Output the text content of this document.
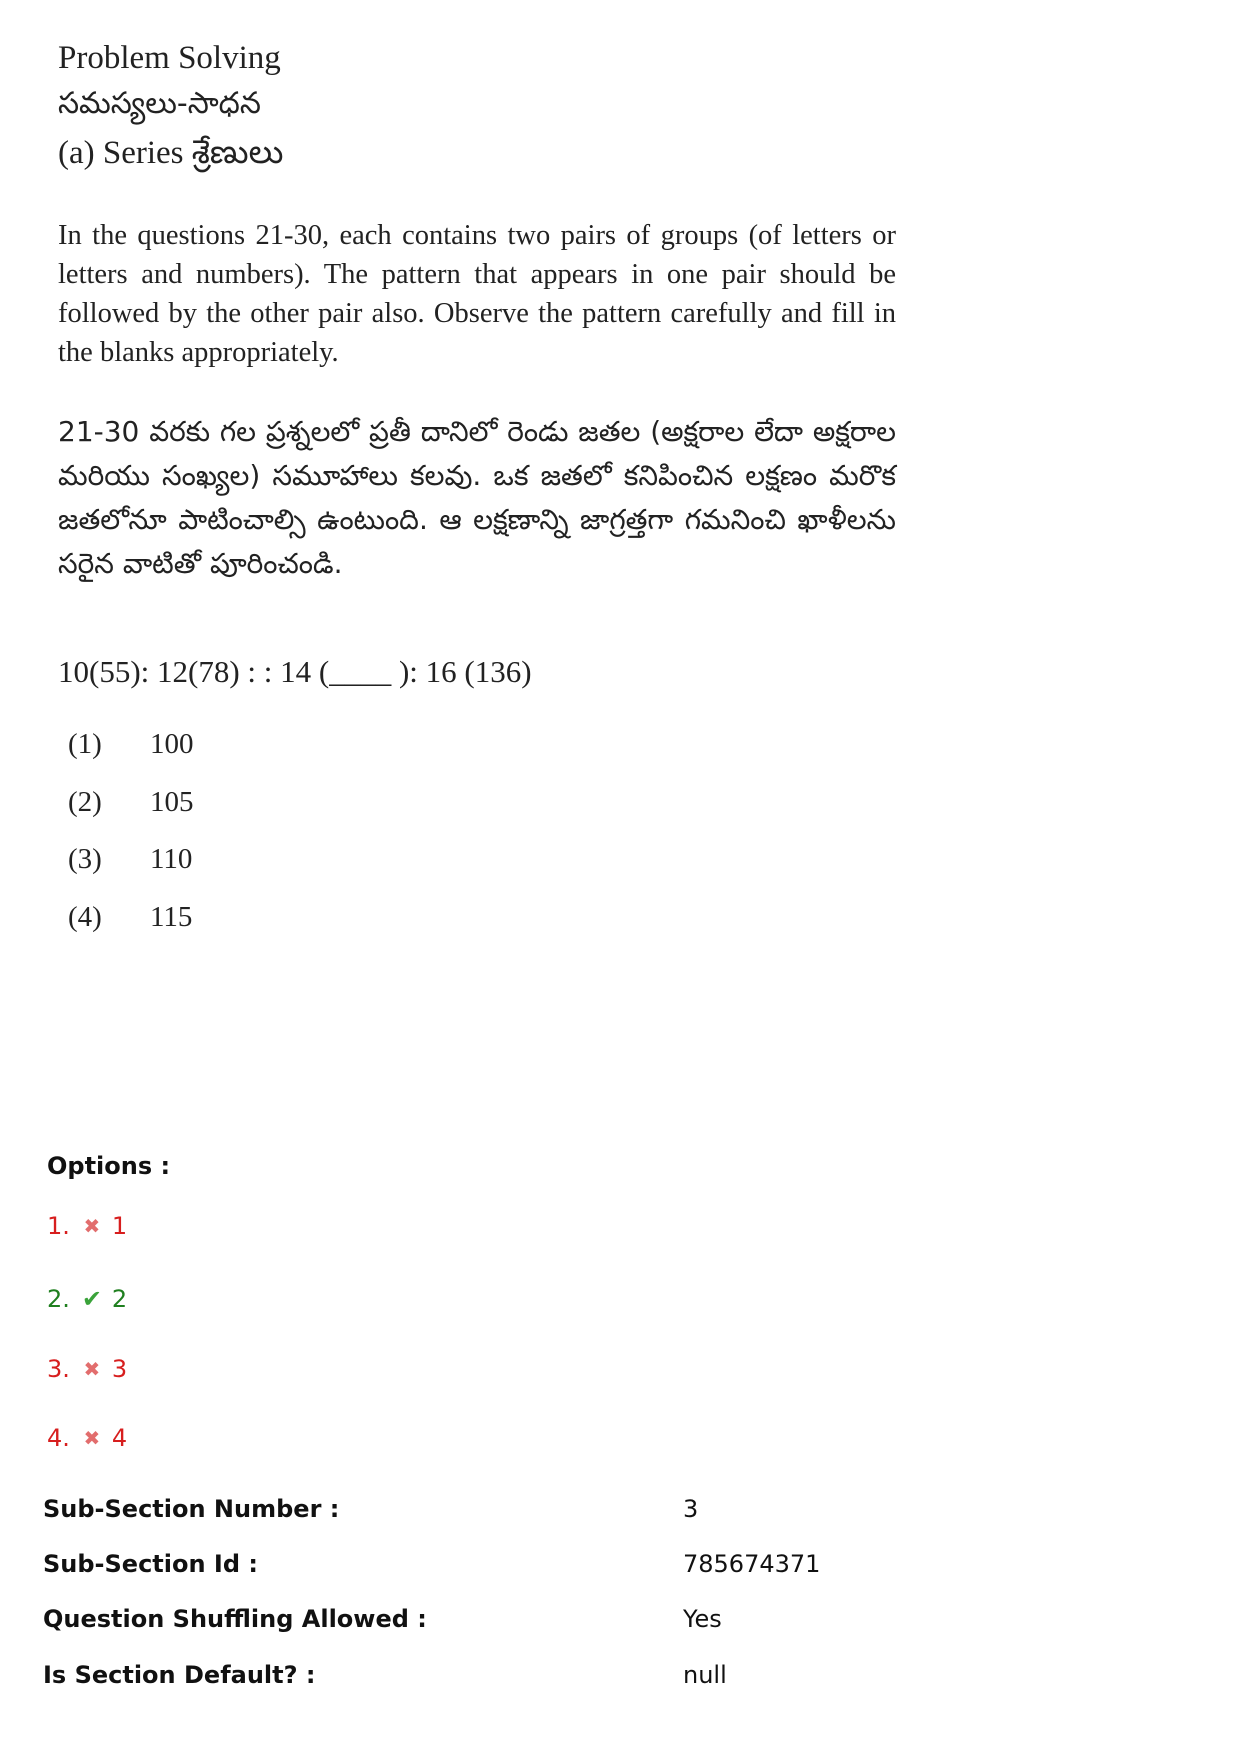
Problem Solving

సమస్యలు-సాధన

(a) Series శ్రేణులు

In the questions 21-30, each contains two pairs of groups (of letters or letters and numbers). The pattern that appears in one pair should be followed by the other pair also. Observe the pattern carefully and fill in the blanks appropriately.
21-30 వరకు గల ప్రశ్నలలో ప్రతీ దానిలో రెండు జతల (అక్షరాల లేదా అక్షరాల మరియు సంఖ్యల) సమూహాలు కలవు. ఒక జతలో కనిపించిన లక్షణం మరొక జతలోనూ పాటించాల్సి ఉంటుంది. ఆ లక్షణాన్ని జాగ్రత్తగా గమనించి ఖాళీలను సరైన వాటితో పూరించండి.
10(55): 12(78) : : 14 (____ ): 16 (136)
(1)	100
(2)	105
(3)	110
(4)	115

Options :

1. ✖ 1
2. ✔ 2
3. ✖ 3
4. ✖ 4
Sub-Section Number :	3
Sub-Section Id :	785674371
Question Shuffling Allowed :	Yes
Is Section Default? :	null
